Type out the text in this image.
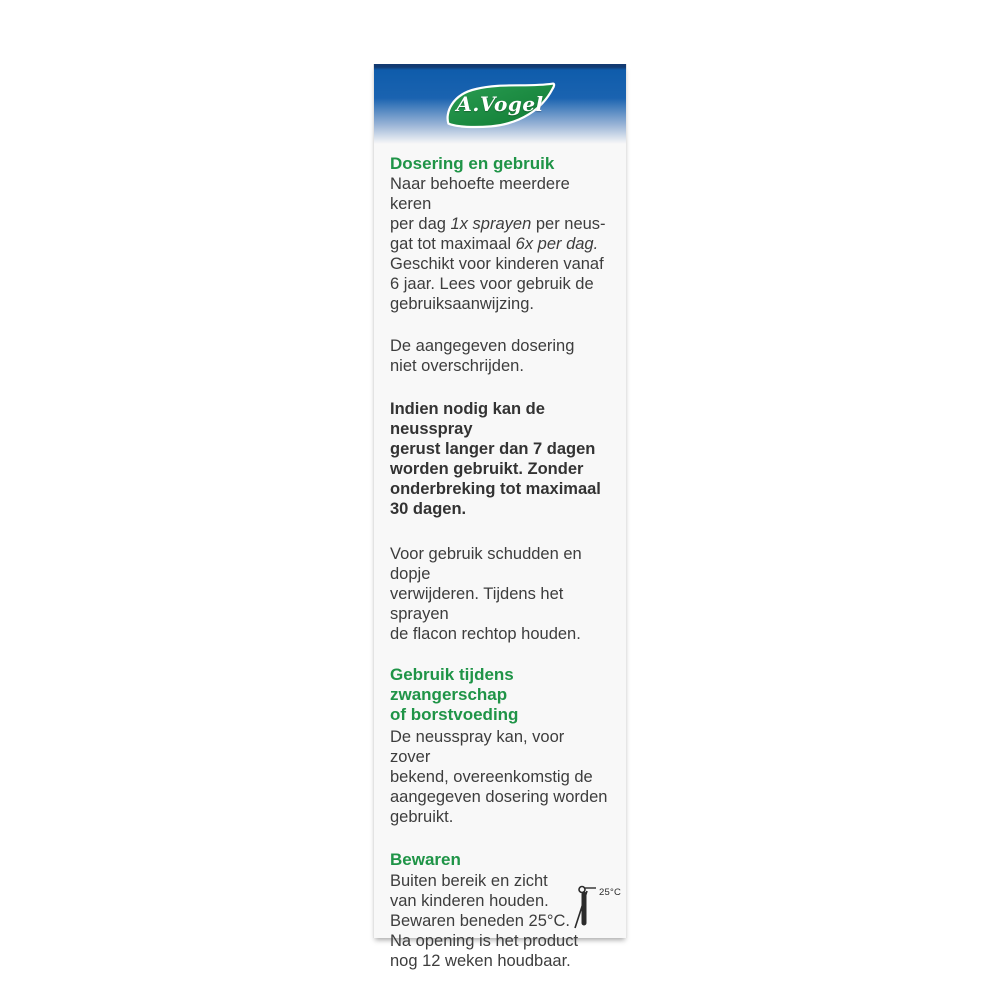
A.Vogel
Dosering en gebruik

Naar behoefte meerdere keren
per dag 1x sprayen per neus-
gat tot maximaal 6x per dag.
Geschikt voor kinderen vanaf
6 jaar. Lees voor gebruik de
gebruiksaanwijzing.

De aangegeven dosering
niet overschrijden.

Indien nodig kan de neusspray
gerust langer dan 7 dagen
worden gebruikt. Zonder
onderbreking tot maximaal
30 dagen.

Voor gebruik schudden en dopje
verwijderen. Tijdens het sprayen
de flacon rechtop houden.

Gebruik tijdens zwangerschap
of borstvoeding

De neusspray kan, voor zover
bekend, overeenkomstig de
aangegeven dosering worden
gebruikt.

Bewaren

Buiten bereik en zicht
van kinderen houden.
Bewaren beneden 25°C.
Na opening is het product
nog 12 weken houdbaar.
25°C
